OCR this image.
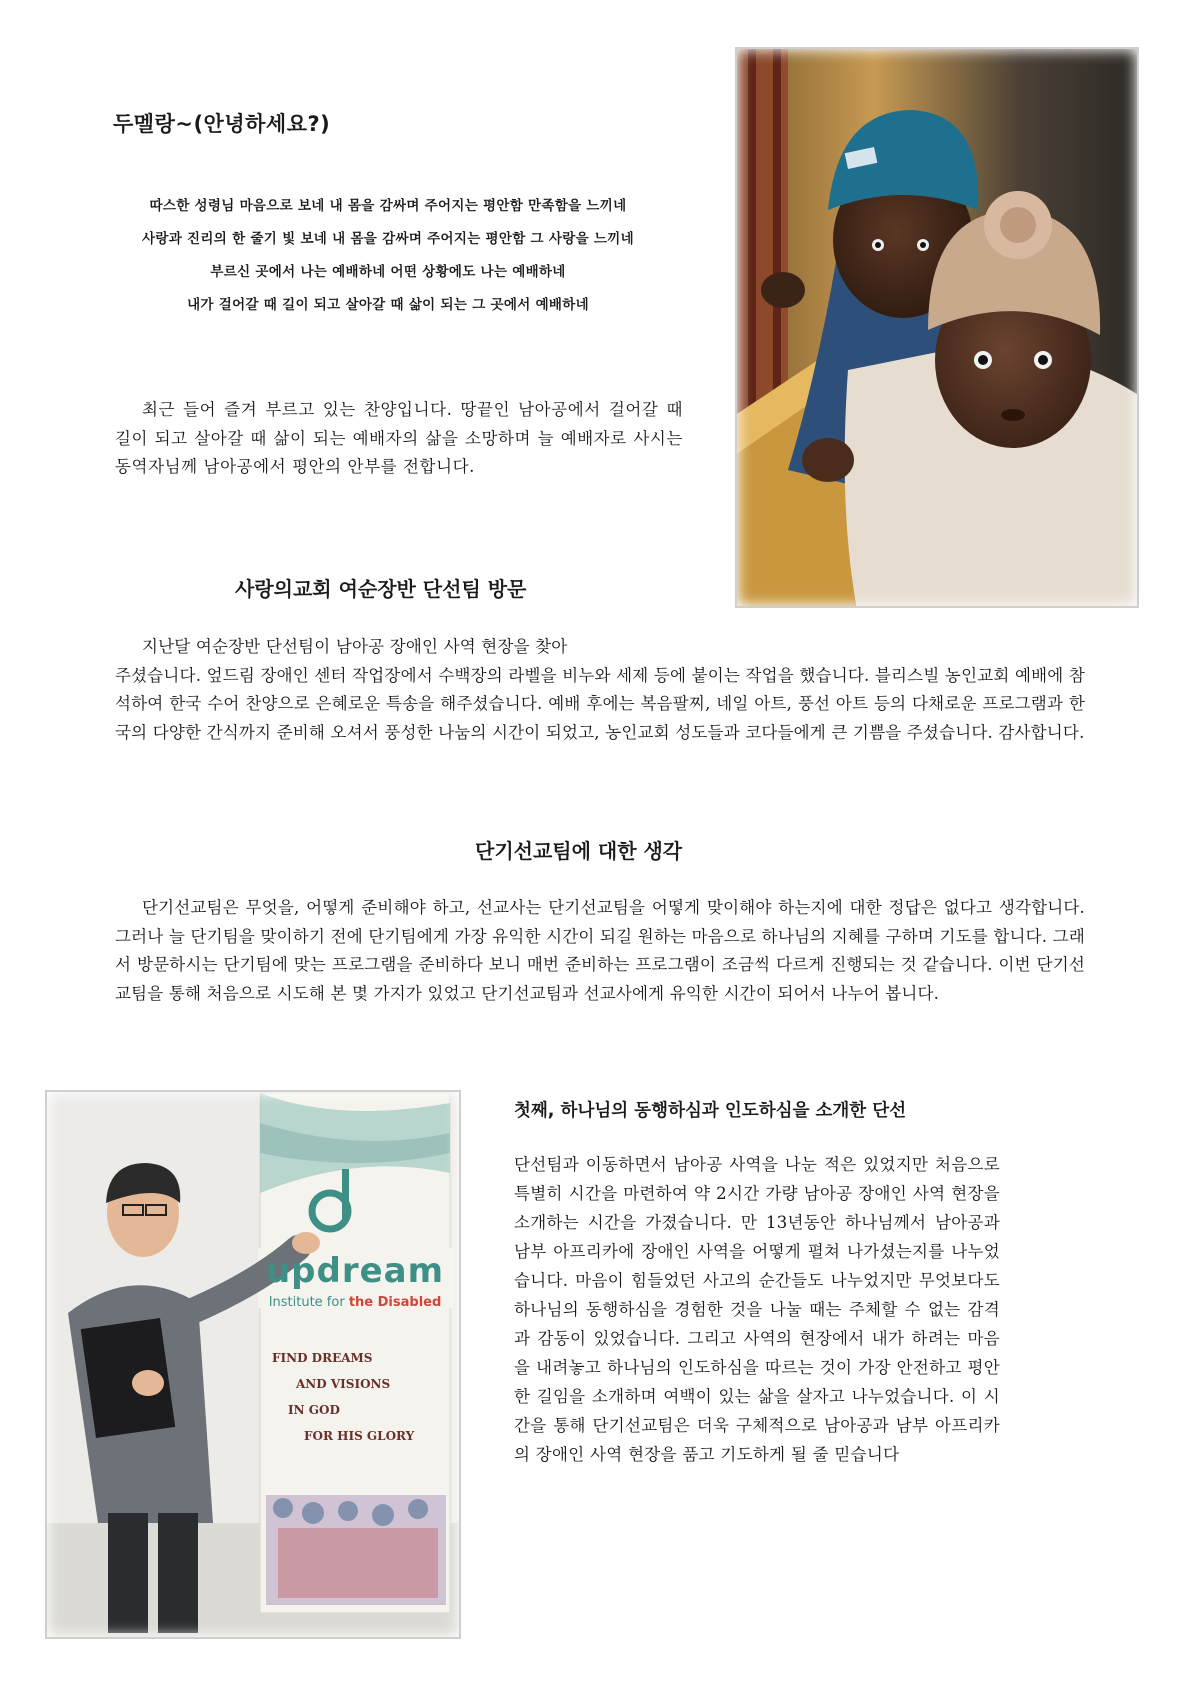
두멜랑~(안녕하세요?)
따스한 성령님 마음으로 보네 내 몸을 감싸며 주어지는 평안함 만족함을 느끼네
사랑과 진리의 한 줄기 빛 보네 내 몸을 감싸며 주어지는 평안함 그 사랑을 느끼네
부르신 곳에서 나는 예배하네 어떤 상황에도 나는 예배하네
내가 걸어갈 때 길이 되고 살아갈 때 삶이 되는 그 곳에서 예배하네

최근 들어 즐겨 부르고 있는 찬양입니다. 땅끝인 남아공에서 걸어갈 때 길이 되고 살아갈 때 삶이 되는 예배자의 삶을 소망하며 늘 예배자로 사시는 동역자님께 남아공에서 평안의 안부를 전합니다.

사랑의교회 여순장반 단선팀 방문

지난달 여순장반 단선팀이 남아공 장애인 사역 현장을 찾아
주셨습니다. 엎드림 장애인 센터 작업장에서 수백장의 라벨을 비누와 세제 등에 붙이는 작업을 했습니다. 블리스빌 농인교회 예배에 참석하여 한국 수어 찬양으로 은혜로운 특송을 해주셨습니다. 예배 후에는 복음팔찌, 네일 아트, 풍선 아트 등의 다채로운 프로그램과 한국의 다양한 간식까지 준비해 오셔서 풍성한 나눔의 시간이 되었고, 농인교회 성도들과 코다들에게 큰 기쁨을 주셨습니다. 감사합니다.

단기선교팀에 대한 생각

단기선교팀은 무엇을, 어떻게 준비해야 하고, 선교사는 단기선교팀을 어떻게 맞이해야 하는지에 대한 정답은 없다고 생각합니다. 그러나 늘 단기팀을 맞이하기 전에 단기팀에게 가장 유익한 시간이 되길 원하는 마음으로 하나님의 지혜를 구하며 기도를 합니다. 그래서 방문하시는 단기팀에 맞는 프로그램을 준비하다 보니 매번 준비하는 프로그램이 조금씩 다르게 진행되는 것 같습니다. 이번 단기선교팀을 통해 처음으로 시도해 본 몇 가지가 있었고 단기선교팀과 선교사에게 유익한 시간이 되어서 나누어 봅니다.

updream
Institute for the Disabled
FIND DREAMS
AND VISIONS
IN GOD
FOR HIS GLORY
첫째, 하나님의 동행하심과 인도하심을 소개한 단선

단선팀과 이동하면서 남아공 사역을 나눈 적은 있었지만 처음으로 특별히 시간을 마련하여 약 2시간 가량 남아공 장애인 사역 현장을 소개하는 시간을 가졌습니다. 만 13년동안 하나님께서 남아공과 남부 아프리카에 장애인 사역을 어떻게 펼쳐 나가셨는지를 나누었습니다. 마음이 힘들었던 사고의 순간들도 나누었지만 무엇보다도 하나님의 동행하심을 경험한 것을 나눌 때는 주체할 수 없는 감격과 감동이 있었습니다. 그리고 사역의 현장에서 내가 하려는 마음을 내려놓고 하나님의 인도하심을 따르는 것이 가장 안전하고 평안한 길임을 소개하며 여백이 있는 삶을 살자고 나누었습니다. 이 시간을 통해 단기선교팀은 더욱 구체적으로 남아공과 남부 아프리카의 장애인 사역 현장을 품고 기도하게 될 줄 믿습니다
